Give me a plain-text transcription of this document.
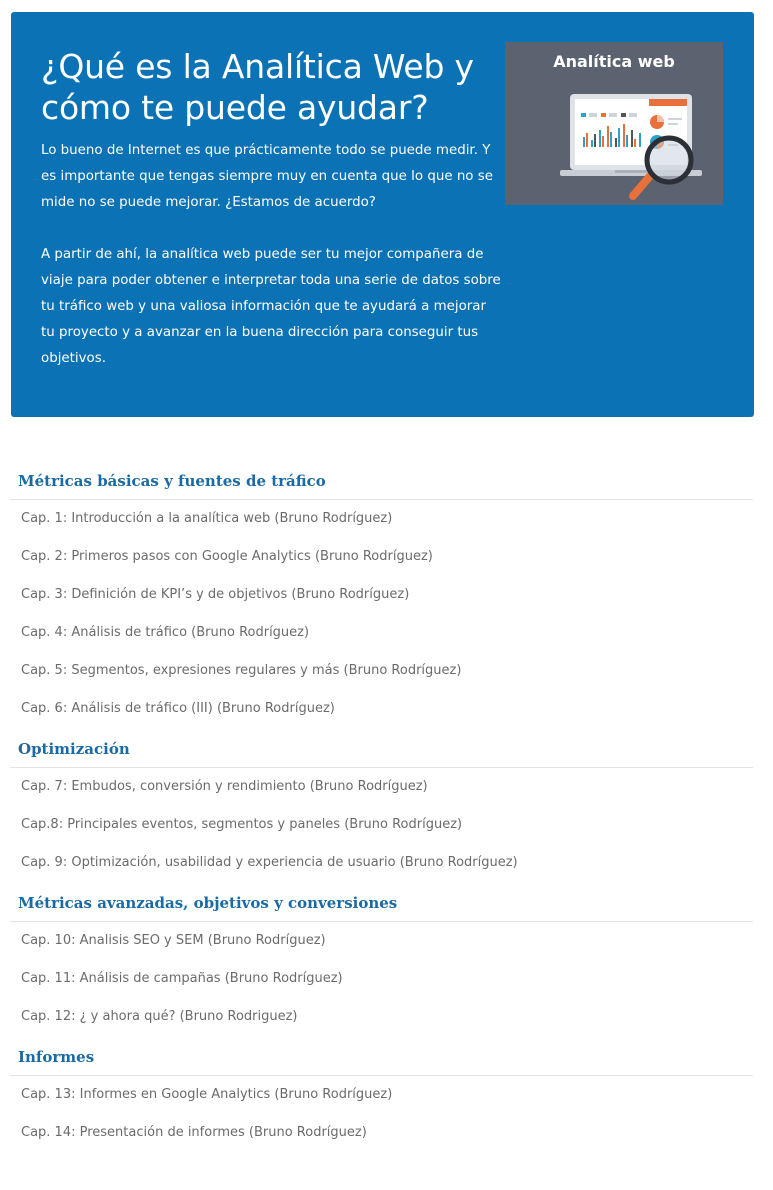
¿Qué es la Analítica Web y cómo te puede ayudar?

Lo bueno de Internet es que prácticamente todo se puede medir. Y es importante que tengas siempre muy en cuenta que lo que no se mide no se puede mejorar. ¿Estamos de acuerdo?

A partir de ahí, la analítica web puede ser tu mejor compañera de viaje para poder obtener e interpretar toda una serie de datos sobre tu tráfico web y una valiosa información que te ayudará a mejorar tu proyecto y a avanzar en la buena dirección para conseguir tus objetivos.

Analítica web
Métricas básicas y fuentes de tráfico
Cap. 1: Introducción a la analítica web (Bruno Rodríguez)
Cap. 2: Primeros pasos con Google Analytics (Bruno Rodríguez)
Cap. 3: Definición de KPI’s y de objetivos (Bruno Rodríguez)
Cap. 4: Análisis de tráfico (Bruno Rodríguez)
Cap. 5: Segmentos, expresiones regulares y más (Bruno Rodríguez)
Cap. 6: Análisis de tráfico (III) (Bruno Rodríguez)
Optimización
Cap. 7: Embudos, conversión y rendimiento (Bruno Rodríguez)
Cap.8: Principales eventos, segmentos y paneles (Bruno Rodríguez)
Cap. 9: Optimización, usabilidad y experiencia de usuario (Bruno Rodríguez)
Métricas avanzadas, objetivos y conversiones
Cap. 10: Analisis SEO y SEM (Bruno Rodríguez)
Cap. 11: Análisis de campañas (Bruno Rodríguez)
Cap. 12: ¿ y ahora qué? (Bruno Rodriguez)
Informes
Cap. 13: Informes en Google Analytics (Bruno Rodríguez)
Cap. 14: Presentación de informes (Bruno Rodríguez)
